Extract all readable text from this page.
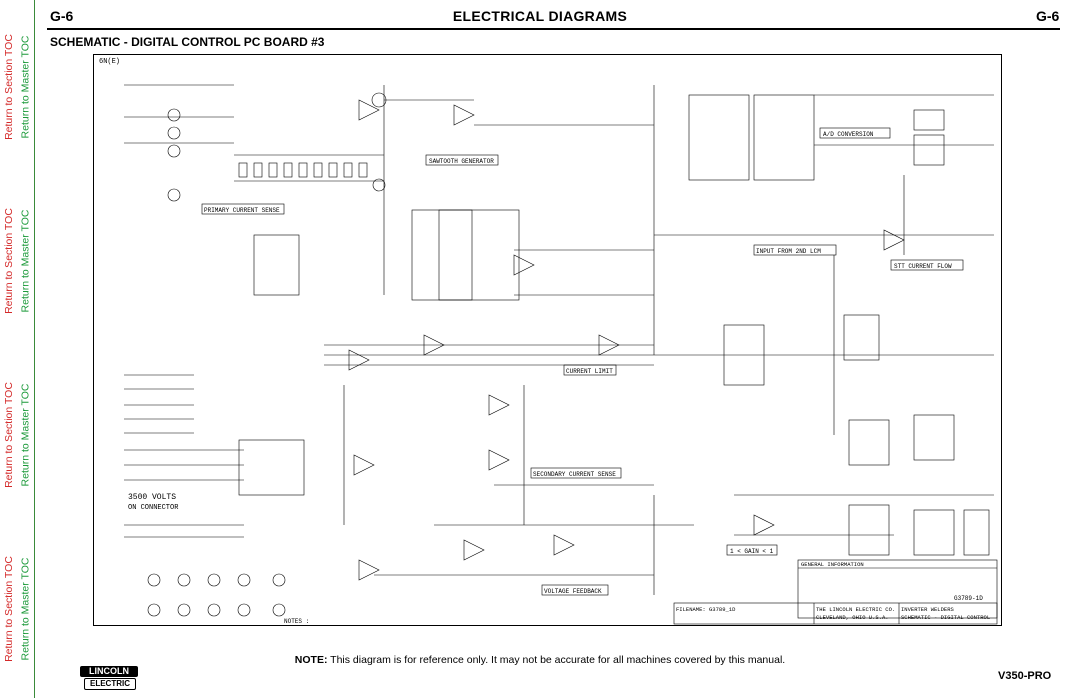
Return to Section TOC
Return to Section TOC
Return to Section TOC
Return to Section TOC
Return to Master TOC
Return to Master TOC
Return to Master TOC
Return to Master TOC
G-6	ELECTRICAL DIAGRAMS	G-6
SCHEMATIC - DIGITAL CONTROL PC BOARD #3
SAWTOOTH GENERATOR
PRIMARY CURRENT SENSE
A/D CONVERSION
INPUT FROM 2ND LCM
STT CURRENT FLOW
CURRENT LIMIT
SECONDARY CURRENT SENSE
VOLTAGE FEEDBACK
1 < GAIN < 1
3500 VOLTS
ON CONNECTOR
6N(E)
NOTES :
GENERAL INFORMATION
THE LINCOLN ELECTRIC CO.
CLEVELAND, OHIO U.S.A.
INVERTER WELDERS
SCHEMATIC - DIGITAL CONTROL
FILENAME: G3789_1D
G3789-1D
NOTE: This diagram is for reference only. It may not be accurate for all machines covered by this manual.
LINCOLN
ELECTRIC
V350-PRO
